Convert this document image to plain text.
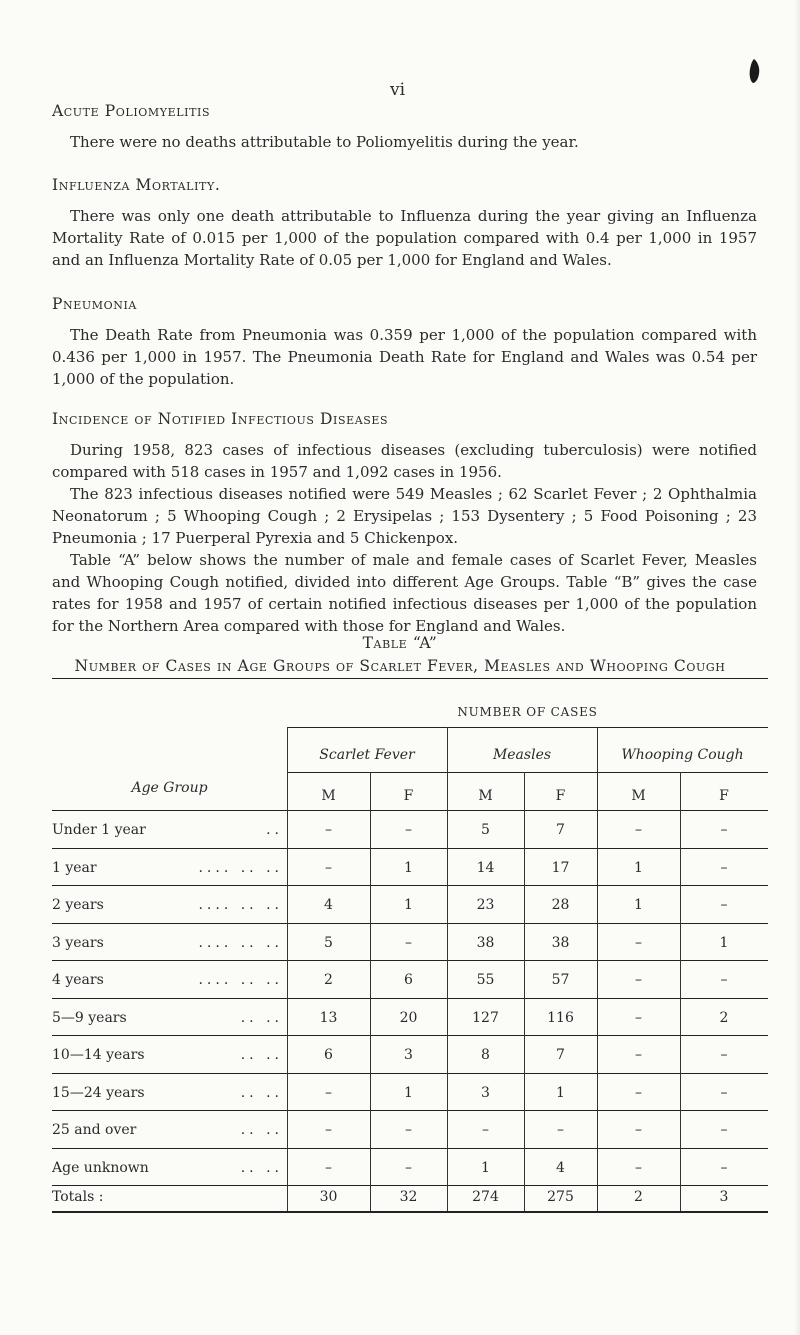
vi
Acute Poliomyelitis

There were no deaths attributable to Poliomyelitis during the year.

Influenza Mortality.

There was only one death attributable to Influenza during the year giving an Influenza Mortality Rate of 0.015 per 1,000 of the population compared with 0.4 per 1,000 in 1957 and an Influenza Mortality Rate of 0.05 per 1,000 for England and Wales.

Pneumonia

The Death Rate from Pneumonia was 0.359 per 1,000 of the population compared with 0.436 per 1,000 in 1957. The Pneumonia Death Rate for England and Wales was 0.54 per 1,000 of the population.

Incidence of Notified Infectious Diseases

During 1958, 823 cases of infectious diseases (excluding tuberculosis) were notified compared with 518 cases in 1957 and 1,092 cases in 1956.

The 823 infectious diseases notified were 549 Measles ; 62 Scarlet Fever ; 2 Ophthalmia Neonatorum ; 5 Whooping Cough ; 2 Erysipelas ; 153 Dysentery ; 5 Food Poisoning ; 23 Pneumonia ; 17 Puerperal Pyrexia and 5 Chickenpox.

Table “A” below shows the number of male and female cases of Scarlet Fever, Measles and Whooping Cough notified, divided into different Age Groups. Table “B” gives the case rates for 1958 and 1957 of certain notified infectious diseases per 1,000 of the population for the Northern Area compared with those for England and Wales.

Table “A”
Number of Cases in Age Groups of Scarlet Fever, Measles and Whooping Cough
NUMBER OF CASES
Age Group
Scarlet Fever	Measles	Whooping Cough
M	F	M	F	M	F
Under 1 year	..	–	–	5	7	–	–
1 year	.... .. ..	–	1	14	17	1	–
2 years	.... .. ..	4	1	23	28	1	–
3 years	.... .. ..	5	–	38	38	–	1
4 years	.... .. ..	2	6	55	57	–	–
5—9 years	.. ..	13	20	127	116	–	2
10—14 years	.. ..	6	3	8	7	–	–
15—24 years	.. ..	–	1	3	1	–	–
25 and over	.. ..	–	–	–	–	–	–
Age unknown	.. ..	–	–	1	4	–	–
Totals :	30	32	274	275	2	3
